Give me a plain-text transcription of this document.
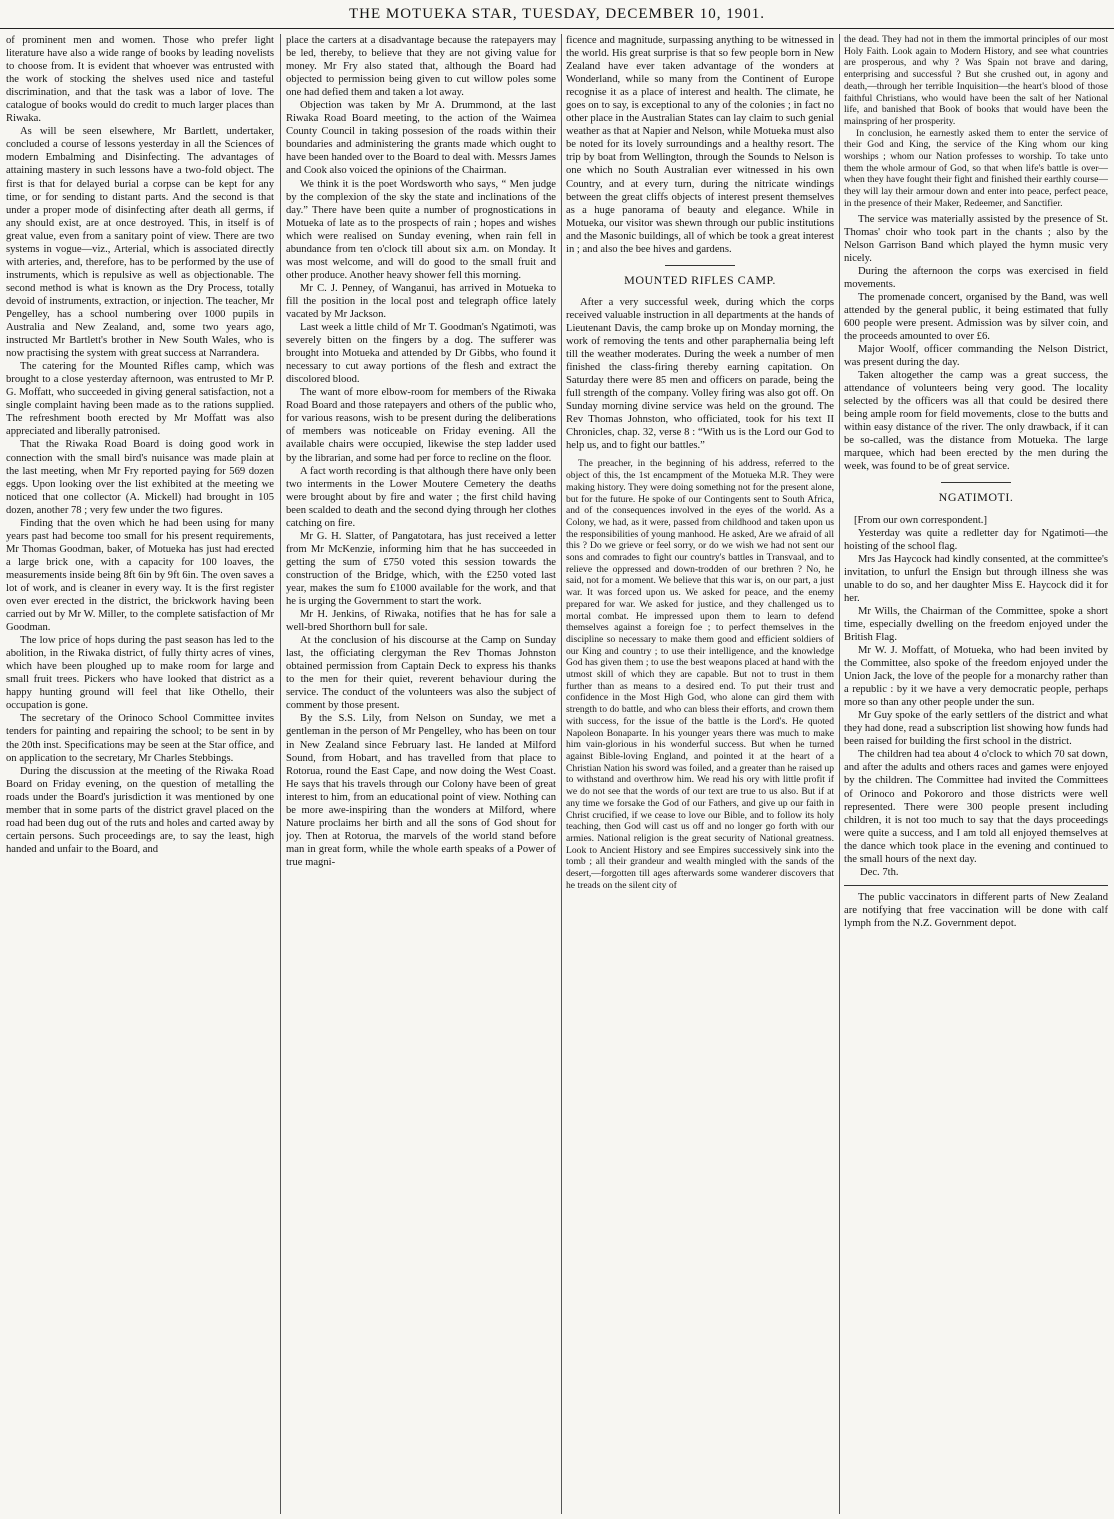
THE MOTUEKA STAR, TUESDAY, DECEMBER 10, 1901.

of prominent men and women. Those who prefer light literature have also a wide range of books by leading novelists to choose from. It is evident that whoever was entrusted with the work of stocking the shelves used nice and tasteful discrimination, and that the task was a labor of love. The catalogue of books would do credit to much larger places than Riwaka.

As will be seen elsewhere, Mr Bartlett, undertaker, concluded a course of lessons yesterday in all the Sciences of modern Embalming and Disinfecting. The advantages of attaining mastery in such lessons have a two-fold object. The first is that for delayed burial a corpse can be kept for any time, or for sending to distant parts. And the second is that under a proper mode of disinfecting after death all germs, if any should exist, are at once destroyed. This, in itself is of great value, even from a sanitary point of view. There are two systems in vogue—viz., Arterial, which is associated directly with arteries, and, therefore, has to be performed by the use of instruments, which is repulsive as well as objectionable. The second method is what is known as the Dry Process, totally devoid of instruments, extraction, or injection. The teacher, Mr Pengelley, has a school numbering over 1000 pupils in Australia and New Zealand, and, some two years ago, instructed Mr Bartlett's brother in New South Wales, who is now practising the system with great success at Narrandera.

The catering for the Mounted Rifles camp, which was brought to a close yesterday afternoon, was entrusted to Mr P. G. Moffatt, who succeeded in giving general satisfaction, not a single complaint having been made as to the rations supplied. The refreshment booth erected by Mr Moffatt was also appreciated and liberally patronised.

That the Riwaka Road Board is doing good work in connection with the small bird's nuisance was made plain at the last meeting, when Mr Fry reported paying for 569 dozen eggs. Upon looking over the list exhibited at the meeting we noticed that one collector (A. Mickell) had brought in 105 dozen, another 78 ; very few under the two figures.

Finding that the oven which he had been using for many years past had become too small for his present requirements, Mr Thomas Goodman, baker, of Motueka has just had erected a large brick one, with a capacity for 100 loaves, the measurements inside being 8ft 6in by 9ft 6in. The oven saves a lot of work, and is cleaner in every way. It is the first register oven ever erected in the district, the brickwork having been carried out by Mr W. Miller, to the complete satisfaction of Mr Goodman.

The low price of hops during the past season has led to the abolition, in the Riwaka district, of fully thirty acres of vines, which have been ploughed up to make room for large and small fruit trees. Pickers who have looked that district as a happy hunting ground will feel that like Othello, their occupation is gone.

The secretary of the Orinoco School Committee invites tenders for painting and repairing the school; to be sent in by the 20th inst. Specifications may be seen at the Star office, and on application to the secretary, Mr Charles Stebbings.

During the discussion at the meeting of the Riwaka Road Board on Friday evening, on the question of metalling the roads under the Board's jurisdiction it was mentioned by one member that in some parts of the district gravel placed on the road had been dug out of the ruts and holes and carted away by certain persons. Such proceedings are, to say the least, high handed and unfair to the Board, and

place the carters at a disadvantage because the ratepayers may be led, thereby, to believe that they are not giving value for money. Mr Fry also stated that, although the Board had objected to permission being given to cut willow poles some one had defied them and taken a lot away.

Objection was taken by Mr A. Drummond, at the last Riwaka Road Board meeting, to the action of the Waimea County Council in taking possesion of the roads within their boundaries and administering the grants made which ought to have been handed over to the Board to deal with. Messrs James and Cook also voiced the opinions of the Chairman.

We think it is the poet Wordsworth who says, “ Men judge by the complexion of the sky the state and inclinations of the day.” There have been quite a number of prognostications in Motueka of late as to the prospects of rain ; hopes and wishes which were realised on Sunday evening, when rain fell in abundance from ten o'clock till about six a.m. on Monday. It was most welcome, and will do good to the small fruit and other produce. Another heavy shower fell this morning.

Mr C. J. Penney, of Wanganui, has arrived in Motueka to fill the position in the local post and telegraph office lately vacated by Mr Jackson.

Last week a little child of Mr T. Goodman's Ngatimoti, was severely bitten on the fingers by a dog. The sufferer was brought into Motueka and attended by Dr Gibbs, who found it necessary to cut away portions of the flesh and extract the discolored blood.

The want of more elbow-room for members of the Riwaka Road Board and those ratepayers and others of the public who, for various reasons, wish to be present during the deliberations of members was noticeable on Friday evening. All the available chairs were occupied, likewise the step ladder used by the librarian, and some had per force to recline on the floor.

A fact worth recording is that although there have only been two interments in the Lower Moutere Cemetery the deaths were brought about by fire and water ; the first child having been scalded to death and the second dying through her clothes catching on fire.

Mr G. H. Slatter, of Pangatotara, has just received a letter from Mr McKenzie, informing him that he has succeeded in getting the sum of £750 voted this session towards the construction of the Bridge, which, with the £250 voted last year, makes the sum fo £1000 available for the work, and that he is urging the Government to start the work.

Mr H. Jenkins, of Riwaka, notifies that he has for sale a well-bred Shorthorn bull for sale.

At the conclusion of his discourse at the Camp on Sunday last, the officiating clergyman the Rev Thomas Johnston obtained permission from Captain Deck to express his thanks to the men for their quiet, reverent behaviour during the service. The conduct of the volunteers was also the subject of comment by those present.

By the S.S. Lily, from Nelson on Sunday, we met a gentleman in the person of Mr Pengelley, who has been on tour in New Zealand since February last. He landed at Milford Sound, from Hobart, and has travelled from that place to Rotorua, round the East Cape, and now doing the West Coast. He says that his travels through our Colony have been of great interest to him, from an educational point of view. Nothing can be more awe-inspiring than the wonders at Milford, where Nature proclaims her birth and all the sons of God shout for joy. Then at Rotorua, the marvels of the world stand before man in great form, while the whole earth speaks of a Power of true magni-

ficence and magnitude, surpassing anything to be witnessed in the world. His great surprise is that so few people born in New Zealand have ever taken advantage of the wonders at Wonderland, while so many from the Continent of Europe recognise it as a place of interest and health. The climate, he goes on to say, is exceptional to any of the colonies ; in fact no other place in the Australian States can lay claim to such genial weather as that at Napier and Nelson, while Motueka must also be noted for its lovely surroundings and a healthy resort. The trip by boat from Wellington, through the Sounds to Nelson is one which no South Australian ever witnessed in his own Country, and at every turn, during the nitricate windings between the great cliffs objects of interest present themselves as a huge panorama of beauty and elegance. While in Motueka, our visitor was shewn through our public institutions and the Masonic buildings, all of which be took a great interest in ; and also the bee hives and gardens.

MOUNTED RIFLES CAMP.

After a very successful week, during which the corps received valuable instruction in all departments at the hands of Lieutenant Davis, the camp broke up on Monday morning, the work of removing the tents and other paraphernalia being left till the weather moderates. During the week a number of men finished the class-firing thereby earning capitation. On Saturday there were 85 men and officers on parade, being the full strength of the company. Volley firing was also got off. On Sunday morning divine service was held on the ground. The Rev Thomas Johnston, who officiated, took for his text II Chronicles, chap. 32, verse 8 : “With us is the Lord our God to help us, and to fight our battles.”

The preacher, in the beginning of his address, referred to the object of this, the 1st encampment of the Motueka M.R. They were making history. They were doing something not for the present alone, but for the future. He spoke of our Contingents sent to South Africa, and of the consequences involved in the eyes of the world. As a Colony, we had, as it were, passed from childhood and taken upon us the responsibilities of young manhood. He asked, Are we afraid of all this ? Do we grieve or feel sorry, or do we wish we had not sent our sons and comrades to fight our country's battles in Transvaal, and to relieve the oppressed and down-trodden of our brethren ? No, he said, not for a moment. We believe that this war is, on our part, a just war. It was forced upon us. We asked for peace, and the enemy prepared for war. We asked for justice, and they challenged us to mortal combat. He impressed upon them to learn to defend themselves against a foreign foe ; to perfect themselves in the discipline so necessary to make them good and efficient soldiers of our King and country ; to use their intelligence, and the knowledge God has given them ; to use the best weapons placed at hand with the utmost skill of which they are capable. But not to trust in them further than as means to a desired end. To put their trust and confidence in the Most High God, who alone can gird them with strength to do battle, and who can bless their efforts, and crown them with success, for the issue of the battle is the Lord's. He quoted Napoleon Bonaparte. In his younger years there was much to make him vain-glorious in his wonderful success. But when he turned against Bible-loving England, and pointed it at the heart of a Christian Nation his sword was foiled, and a greater than he raised up to withstand and overthrow him. We read his ory with little profit if we do not see that the words of our text are true to us also. But if at any time we forsake the God of our Fathers, and give up our faith in Christ crucified, if we cease to love our Bible, and to follow its holy teaching, then God will cast us off and no longer go forth with our armies. National religion is the great security of National greatness. Look to Ancient History and see Empires successively sink into the tomb ; all their grandeur and wealth mingled with the sands of the desert,—forgotten till ages afterwards some wanderer discovers that he treads on the silent city of

the dead. They had not in them the immortal principles of our most Holy Faith. Look again to Modern History, and see what countries are prosperous, and why ? Was Spain not brave and daring, enterprising and successful ? But she crushed out, in agony and death,—through her terrible Inquisition—the heart's blood of those faithful Christians, who would have been the salt of her National life, and banished that Book of books that would have been the mainspring of her prosperity.

In conclusion, he earnestly asked them to enter the service of their God and King, the service of the King whom our king worships ; whom our Nation professes to worship. To take unto them the whole armour of God, so that when life's battle is over—when they have fought their fight and finished their earthly course—they will lay their armour down and enter into peace, perfect peace, in the presence of their Maker, Redeemer, and Sanctifier.

The service was materially assisted by the presence of St. Thomas' choir who took part in the chants ; also by the Nelson Garrison Band which played the hymn music very nicely.

During the afternoon the corps was exercised in field movements.

The promenade concert, organised by the Band, was well attended by the general public, it being estimated that fully 600 people were present. Admission was by silver coin, and the proceeds amounted to over £6.

Major Woolf, officer commanding the Nelson District, was present during the day.

Taken altogether the camp was a great success, the attendance of volunteers being very good. The locality selected by the officers was all that could be desired there being ample room for field movements, close to the butts and within easy distance of the river. The only drawback, if it can be so-called, was the distance from Motueka. The large marquee, which had been erected by the men during the week, was found to be of great service.

NGATIMOTI.

[From our own correspondent.]

Yesterday was quite a redletter day for Ngatimoti—the hoisting of the school flag.

Mrs Jas Haycock had kindly consented, at the committee's invitation, to unfurl the Ensign but through illness she was unable to do so, and her daughter Miss E. Haycock did it for her.

Mr Wills, the Chairman of the Committee, spoke a short time, especially dwelling on the freedom enjoyed under the British Flag.

Mr W. J. Moffatt, of Motueka, who had been invited by the Committee, also spoke of the freedom enjoyed under the Union Jack, the love of the people for a monarchy rather than a republic : by it we have a very democratic people, perhaps more so than any other people under the sun.

Mr Guy spoke of the early settlers of the district and what they had done, read a subscription list showing how funds had been raised for building the first school in the district.

The children had tea about 4 o'clock to which 70 sat down, and after the adults and others races and games were enjoyed by the children. The Committee had invited the Committees of Orinoco and Pokororo and those districts were well represented. There were 300 people present including children, it is not too much to say that the days proceedings were quite a success, and I am told all enjoyed themselves at the dance which took place in the evening and continued to the small hours of the next day.

Dec. 7th.

The public vaccinators in different parts of New Zealand are notifying that free vaccination will be done with calf lymph from the N.Z. Government depot.
